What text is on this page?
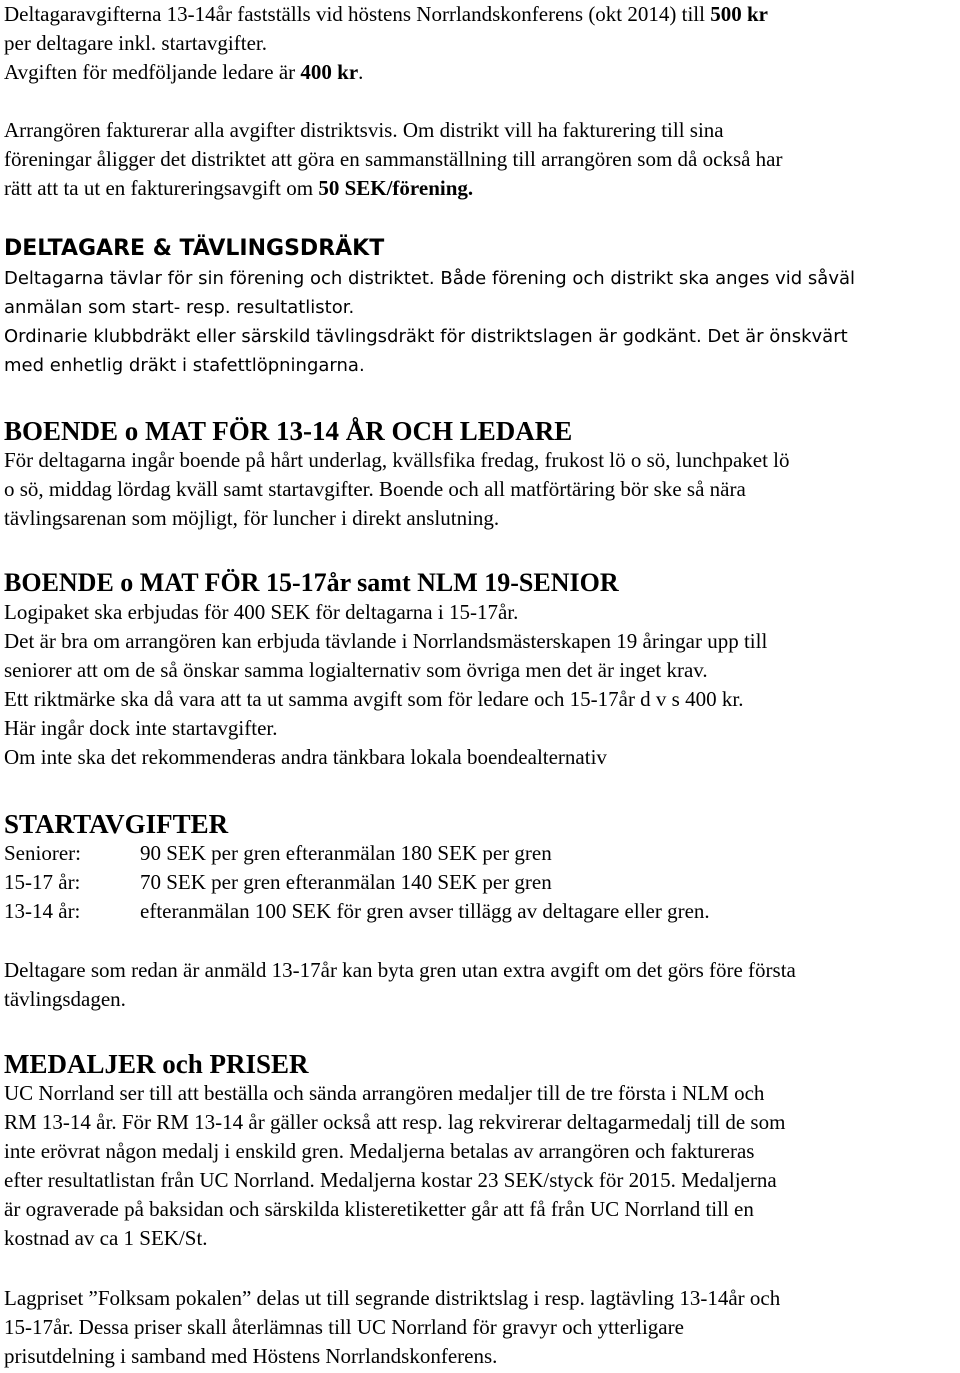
Deltagaravgifterna 13-14år fastställs vid höstens Norrlandskonferens (okt 2014) till 500 kr

per deltagare inkl. startavgifter.

Avgiften för medföljande ledare är 400 kr.

Arrangören fakturerar alla avgifter distriktsvis. Om distrikt vill ha fakturering till sina

föreningar åligger det distriktet att göra en sammanställning till arrangören som då också har

rätt att ta ut en faktureringsavgift om 50 SEK/förening.

DELTAGARE & TÄVLINGSDRÄKT

Deltagarna tävlar för sin förening och distriktet. Både förening och distrikt ska anges vid såväl

anmälan som start- resp. resultatlistor.

Ordinarie klubbdräkt eller särskild tävlingsdräkt för distriktslagen är godkänt. Det är önskvärt

med enhetlig dräkt i stafettlöpningarna.

BOENDE o MAT FÖR 13-14 ÅR OCH LEDARE

För deltagarna ingår boende på hårt underlag, kvällsfika fredag, frukost lö o sö, lunchpaket lö

o sö, middag lördag kväll samt startavgifter. Boende och all matförtäring bör ske så nära

tävlingsarenan som möjligt, för luncher i direkt anslutning.

BOENDE o MAT FÖR 15-17år samt NLM 19-SENIOR

Logipaket ska erbjudas för 400 SEK för deltagarna i 15-17år.

Det är bra om arrangören kan erbjuda tävlande i Norrlandsmästerskapen 19 åringar upp till

seniorer att om de så önskar samma logialternativ som övriga men det är inget krav.

Ett riktmärke ska då vara att ta ut samma avgift som för ledare och 15-17år d v s 400 kr.

Här ingår dock inte startavgifter.

Om inte ska det rekommenderas andra tänkbara lokala boendealternativ

STARTAVGIFTER

Seniorer:	90 SEK per gren efteranmälan 180 SEK per gren
15-17 år:	70 SEK per gren efteranmälan 140 SEK per gren
13-14 år:	efteranmälan 100 SEK för gren avser tillägg av deltagare eller gren.

Deltagare som redan är anmäld 13-17år kan byta gren utan extra avgift om det görs före första

tävlingsdagen.

MEDALJER och PRISER

UC Norrland ser till att beställa och sända arrangören medaljer till de tre första i NLM och

RM 13-14 år. För RM 13-14 år gäller också att resp. lag rekvirerar deltagarmedalj till de som

inte erövrat någon medalj i enskild gren. Medaljerna betalas av arrangören och faktureras

efter resultatlistan från UC Norrland. Medaljerna kostar 23 SEK/styck för 2015. Medaljerna

är ograverade på baksidan och särskilda klisteretiketter går att få från UC Norrland till en

kostnad av ca 1 SEK/St.

Lagpriset ”Folksam pokalen” delas ut till segrande distriktslag i resp. lagtävling 13-14år och

15-17år. Dessa priser skall återlämnas till UC Norrland för gravyr och ytterligare

prisutdelning i samband med Höstens Norrlandskonferens.
